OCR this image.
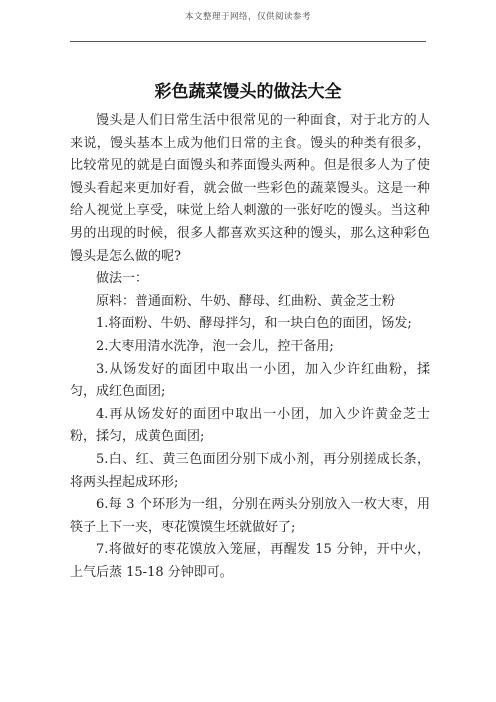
本文整理于网络，仅供阅读参考
彩色蔬菜馒头的做法大全

馒头是人们日常生活中很常见的一种面食，对于北方的人来说，馒头基本上成为他们日常的主食。馒头的种类有很多，比较常见的就是白面馒头和荞面馒头两种。但是很多人为了使馒头看起来更加好看，就会做一些彩色的蔬菜馒头。这是一种给人视觉上享受，味觉上给人刺激的一张好吃的馒头。当这种男的出现的时候，很多人都喜欢买这种的馒头，那么这种彩色馒头是怎么做的呢?

做法一：

原料：普通面粉、牛奶、酵母、红曲粉、黄金芝士粉

1.将面粉、牛奶、酵母拌匀，和一块白色的面团，饧发;

2.大枣用清水洗净，泡一会儿，控干备用;

3.从饧发好的面团中取出一小团，加入少许红曲粉，揉匀，成红色面团;

4.再从饧发好的面团中取出一小团，加入少许黄金芝士粉，揉匀，成黄色面团;

5.白、红、黄三色面团分别下成小剂，再分别搓成长条，将两头捏起成环形;

6.每 3 个环形为一组，分别在两头分别放入一枚大枣，用筷子上下一夹，枣花馍馍生坯就做好了;

7.将做好的枣花馍放入笼屉，再醒发 15 分钟，开中火，上气后蒸 15-18 分钟即可。
